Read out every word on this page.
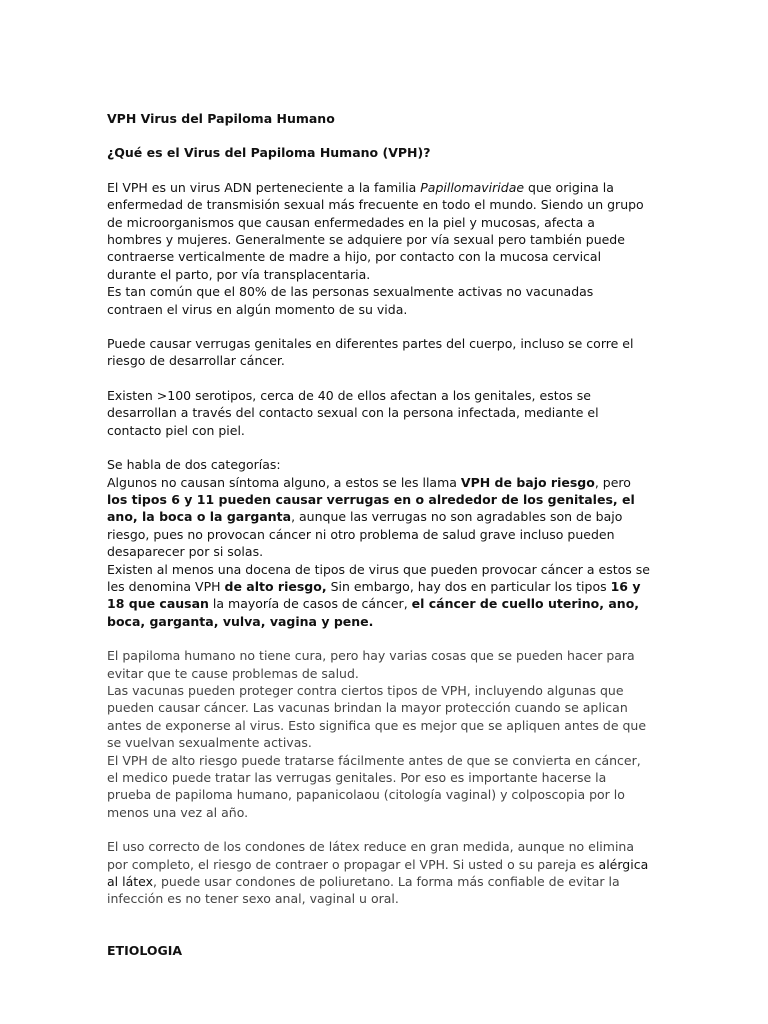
VPH Virus del Papiloma Humano

¿Qué es el Virus del Papiloma Humano (VPH)?

El VPH es un virus ADN perteneciente a la familia Papillomaviridae que origina la enfermedad de transmisión sexual más frecuente en todo el mundo. Siendo un grupo de microorganismos que causan enfermedades en la piel y mucosas, afecta a hombres y mujeres. Generalmente se adquiere por vía sexual pero también puede contraerse verticalmente de madre a hijo, por contacto con la mucosa cervical durante el parto, por vía transplacentaria.

Es tan común que el 80% de las personas sexualmente activas no vacunadas contraen el virus en algún momento de su vida.

Puede causar verrugas genitales en diferentes partes del cuerpo, incluso se corre el riesgo de desarrollar cáncer.

Existen >100 serotipos, cerca de 40 de ellos afectan a los genitales, estos se desarrollan a través del contacto sexual con la persona infectada, mediante el contacto piel con piel.

Se habla de dos categorías:

Algunos no causan síntoma alguno, a estos se les llama VPH de bajo riesgo, pero los tipos 6 y 11 pueden causar verrugas en o alrededor de los genitales, el ano, la boca o la garganta, aunque las verrugas no son agradables son de bajo riesgo, pues no provocan cáncer ni otro problema de salud grave incluso pueden desaparecer por si solas.

Existen al menos una docena de tipos de virus que pueden provocar cáncer a estos se les denomina VPH de alto riesgo, Sin embargo, hay dos en particular los tipos 16 y 18 que causan la mayoría de casos de cáncer, el cáncer de cuello uterino, ano, boca, garganta, vulva, vagina y pene.

El papiloma humano no tiene cura, pero hay varias cosas que se pueden hacer para evitar que te cause problemas de salud.

Las vacunas pueden proteger contra ciertos tipos de VPH, incluyendo algunas que pueden causar cáncer. Las vacunas brindan la mayor protección cuando se aplican antes de exponerse al virus. Esto significa que es mejor que se apliquen antes de que se vuelvan sexualmente activas.

El VPH de alto riesgo puede tratarse fácilmente antes de que se convierta en cáncer, el medico puede tratar las verrugas genitales. Por eso es importante hacerse la prueba de papiloma humano, papanicolaou (citología vaginal) y colposcopia por lo menos una vez al año.

El uso correcto de los condones de látex reduce en gran medida, aunque no elimina por completo, el riesgo de contraer o propagar el VPH. Si usted o su pareja es alérgica al látex, puede usar condones de poliuretano. La forma más confiable de evitar la infección es no tener sexo anal, vaginal u oral.

ETIOLOGIA
